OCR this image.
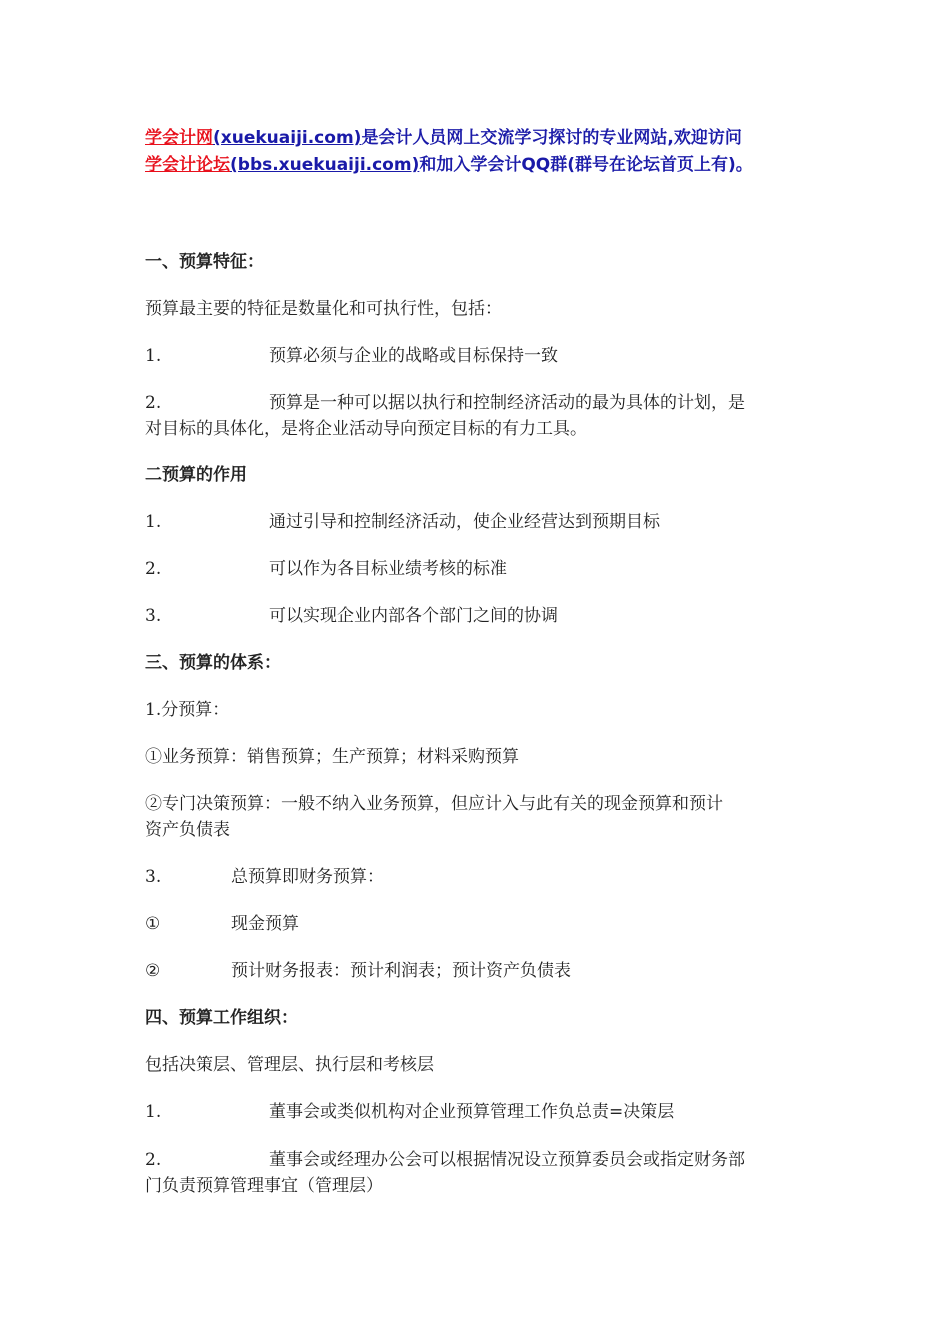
学会计网(xuekuaiji.com)是会计人员网上交流学习探讨的专业网站,欢迎访问
学会计论坛(bbs.xuekuaiji.com)和加入学会计QQ群(群号在论坛首页上有)。
一、预算特征：
预算最主要的特征是数量化和可执行性，包括：
1.	预算必须与企业的战略或目标保持一致
2.	预算是一种可以据以执行和控制经济活动的最为具体的计划，是
对目标的具体化，是将企业活动导向预定目标的有力工具。
二预算的作用
1.	通过引导和控制经济活动，使企业经营达到预期目标
2.	可以作为各目标业绩考核的标准
3.	可以实现企业内部各个部门之间的协调
三、预算的体系：
1.分预算：
①业务预算：销售预算；生产预算；材料采购预算
②专门决策预算：一般不纳入业务预算，但应计入与此有关的现金预算和预计
资产负债表
3.	总预算即财务预算：
①	现金预算
②	预计财务报表：预计利润表；预计资产负债表
四、预算工作组织：
包括决策层、管理层、执行层和考核层
1.	董事会或类似机构对企业预算管理工作负总责=决策层
2.	董事会或经理办公会可以根据情况设立预算委员会或指定财务部
门负责预算管理事宜（管理层）
